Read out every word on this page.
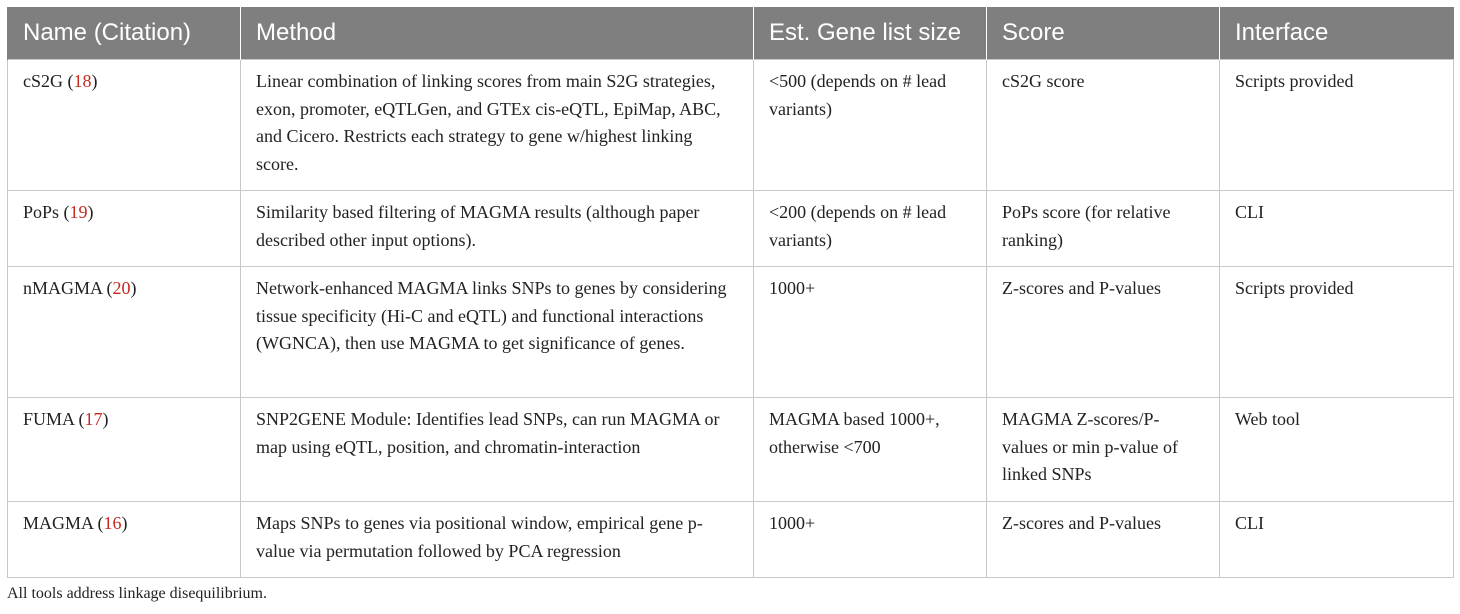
Name (Citation)	Method	Est. Gene list size	Score	Interface
cS2G (18)	Linear combination of linking scores from main S2G strategies, exon, promoter, eQTLGen, and GTEx cis-eQTL, EpiMap, ABC, and Cicero. Restricts each strategy to gene w/highest linking score.	<500 (depends on # lead variants)	cS2G score	Scripts provided
PoPs (19)	Similarity based filtering of MAGMA results (although paper described other input options).	<200 (depends on # lead variants)	PoPs score (for relative ranking)	CLI
nMAGMA (20)	Network-enhanced MAGMA links SNPs to genes by considering tissue specificity (Hi-C and eQTL) and functional interactions (WGNCA), then use MAGMA to get significance of genes.	1000+	Z-scores and P-values	Scripts provided
FUMA (17)	SNP2GENE Module: Identifies lead SNPs, can run MAGMA or map using eQTL, position, and chromatin-interaction	MAGMA based 1000+, otherwise <700	MAGMA Z-scores/P-values or min p-value of linked SNPs	Web tool
MAGMA (16)	Maps SNPs to genes via positional window, empirical gene p-value via permutation followed by PCA regression	1000+	Z-scores and P-values	CLI

All tools address linkage disequilibrium.
